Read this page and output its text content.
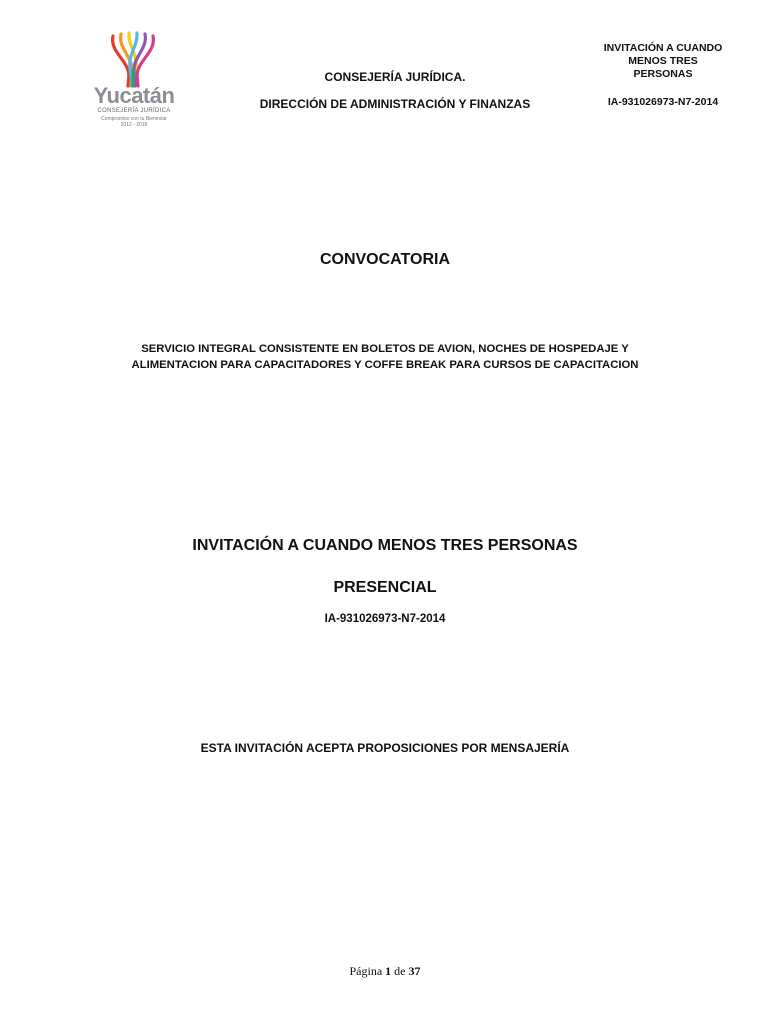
Yucatán
CONSEJERÍA JURÍDICA
Compromiso con tu Bienestar
2012 - 2018
CONSEJERÍA JURÍDICA.
DIRECCIÓN DE ADMINISTRACIÓN Y FINANZAS
INVITACIÓN A CUANDO
MENOS TRES
PERSONAS
IA-931026973-N7-2014
CONVOCATORIA
SERVICIO INTEGRAL CONSISTENTE EN BOLETOS DE AVION, NOCHES DE HOSPEDAJE Y
ALIMENTACION PARA CAPACITADORES Y COFFE BREAK PARA CURSOS DE CAPACITACION
INVITACIÓN A CUANDO MENOS TRES PERSONAS
PRESENCIAL
IA-931026973-N7-2014
ESTA INVITACIÓN ACEPTA PROPOSICIONES POR MENSAJERÍA
Página 1 de 37
